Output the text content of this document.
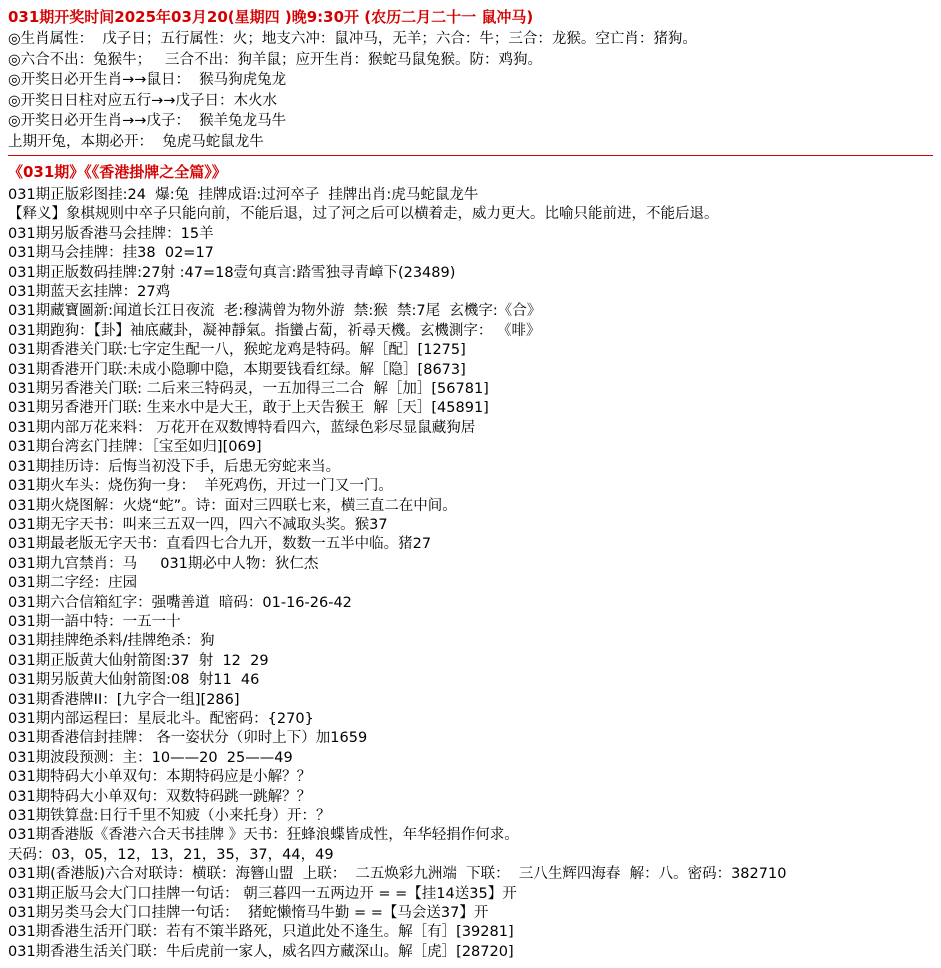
031期开奖时间2025年03月20(星期四 )晚9:30开 (农历二月二十一 鼠冲马)
◎生肖属性：  戊子日；五行属性：火；地支六冲：鼠冲马，无羊；六合：牛；三合：龙猴。空亡肖：猪狗。
◎六合不出：兔猴牛；   三合不出：狗羊鼠；应开生肖：猴蛇马鼠兔猴。防：鸡狗。
◎开奖日必开生肖→→鼠日：  猴马狗虎兔龙
◎开奖日日柱对应五行→→戊子日：木火水
◎开奖日必开生肖→→戊子：  猴羊兔龙马牛
上期开兔，本期必开：  兔虎马蛇鼠龙牛
《031期》《《香港掛牌之全篇》》
031期正版彩图挂:24  爆:兔  挂牌成语:过河卒子  挂牌出肖:虎马蛇鼠龙牛
【释义】象棋规则中卒子只能向前，不能后退，过了河之后可以横着走，威力更大。比喻只能前进，不能后退。
031期另版香港马会挂牌：15羊
031期马会挂牌：挂38  02=17
031期正版数码挂牌:27射 :47=18壹句真言:踏雪独寻青嶂下(23489)
031期蓝天玄挂牌：27鸡
031期藏寶圖新:闻道长江日夜流  老:穆满曾为物外游  禁:猴  禁:7尾  玄機字:《合》
031期跑狗：【卦】袖底藏卦，凝神靜氣。指蠻占蔔，祈尋天機。玄機測字： 《啡》
031期香港关门联:七字定生配一八，猴蛇龙鸡是特码。解［配］[1275]
031期香港开门联:未成小隐聊中隐，本期要钱看红绿。解［隐］[8673]
031期另香港关门联: 二后来三特码灵，一五加得三二合  解［加］[56781]
031期另香港开门联: 生来水中是大王，敢于上天告猴王  解［天］[45891]
031期内部万花来料： 万花开在双数博特看四六，蓝绿色彩尽显鼠藏狗居
031期台湾玄门挂牌：［宝至如归][069]
031期挂历诗：后悔当初没下手，后患无穷蛇来当。
031期火车头：烧伤狗一身：  羊死鸡伤，开过一门又一门。
031期火烧图解：火烧“蛇”。诗：面对三四联七来，横三直二在中间。
031期无字天书：叫来三五双一四，四六不减取头奖。猴37
031期最老版无字天书：直看四七合九开，数数一五半中临。猪27
031期九宫禁肖：马     031期必中人物：狄仁杰
031期二字经：庄园
031期六合信箱紅字：强嘴善道  暗码：01-16-26-42
031期一語中特：一五一十
031期挂牌绝杀料/挂牌绝杀：狗
031期正版黄大仙射箭图:37  射  12  29
031期另版黄大仙射箭图:08  射11  46
031期香港牌II：[九字合一组][286]
031期内部运程曰：星辰北斗。配密码：{270}
031期香港信封挂牌： 各一姿状分（卯时上下）加1659
031期波段预测：主：10——20  25——49
031期特码大小单双句：本期特码应是小解？？
031期特码大小单双句：双数特码跳一跳解？？
031期铁算盘:日行千里不知疲（小来托身）开：？
031期香港版《香港六合天书挂牌 》天书：狂蜂浪蝶皆成性，年华轻捐作何求。
天码：03，05，12，13，21，35，37，44，49
031期(香港版)六合对联诗：横联：海簪山盟  上联：  二五焕彩九洲端  下联：  三八生辉四海春  解：八。密码：382710
031期正版马会大门口挂牌一句话： 朝三暮四一五两边开 = =【挂14送35】开
031期另类马会大门口挂牌一句话：  猪蛇懒惰马牛勤 = =【马会送37】开
031期香港生活开门联：若有不策半路死，只道此处不逢生。解［有］[39281]
031期香港生活关门联：牛后虎前一家人，威名四方藏深山。解［虎］[28720]
